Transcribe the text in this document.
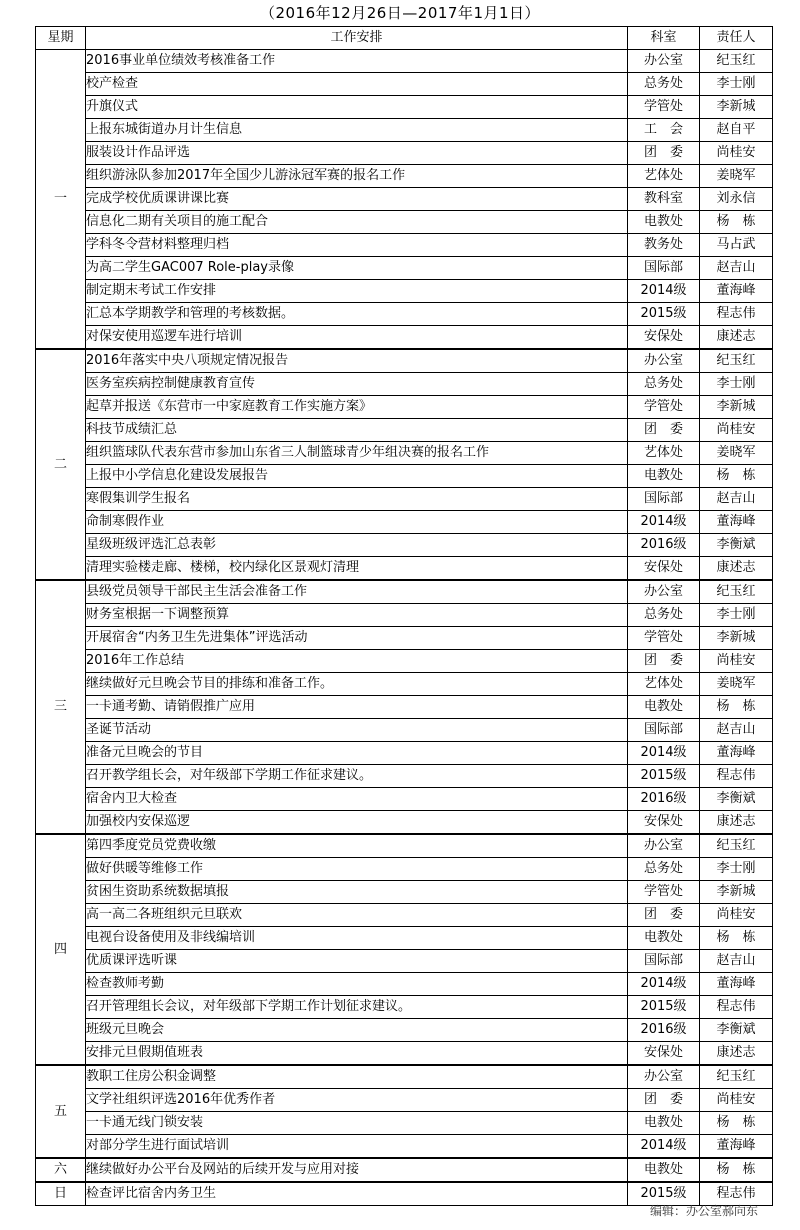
（2016年12月26日—2017年1月1日）
星期	工作安排	科室	责任人
一	2016事业单位绩效考核准备工作	办公室	纪玉红
	校产检查	总务处	李士刚
	升旗仪式	学管处	李新城
	上报东城街道办月计生信息	工　会	赵自平
	服装设计作品评选	团　委	尚桂安
	组织游泳队参加2017年全国少儿游泳冠军赛的报名工作	艺体处	姜晓军
	完成学校优质课讲课比赛	教科室	刘永信
	信息化二期有关项目的施工配合	电教处	杨　栋
	学科冬令营材料整理归档	教务处	马占武
	为高二学生GAC007 Role-play录像	国际部	赵吉山
	制定期末考试工作安排	2014级	董海峰
	汇总本学期教学和管理的考核数据。	2015级	程志伟
	对保安使用巡逻车进行培训	安保处	康述志
二	2016年落实中央八项规定情况报告	办公室	纪玉红
	医务室疾病控制健康教育宣传	总务处	李士刚
	起草并报送《东营市一中家庭教育工作实施方案》	学管处	李新城
	科技节成绩汇总	团　委	尚桂安
	组织篮球队代表东营市参加山东省三人制篮球青少年组决赛的报名工作	艺体处	姜晓军
	上报中小学信息化建设发展报告	电教处	杨　栋
	寒假集训学生报名	国际部	赵吉山
	命制寒假作业	2014级	董海峰
	星级班级评选汇总表彰	2016级	李衡斌
	清理实验楼走廊、楼梯，校内绿化区景观灯清理	安保处	康述志
三	县级党员领导干部民主生活会准备工作	办公室	纪玉红
	财务室根据一下调整预算	总务处	李士刚
	开展宿舍“内务卫生先进集体”评选活动	学管处	李新城
	2016年工作总结	团　委	尚桂安
	继续做好元旦晚会节目的排练和准备工作。	艺体处	姜晓军
	一卡通考勤、请销假推广应用	电教处	杨　栋
	圣诞节活动	国际部	赵吉山
	准备元旦晚会的节目	2014级	董海峰
	召开教学组长会，对年级部下学期工作征求建议。	2015级	程志伟
	宿舍内卫大检查	2016级	李衡斌
	加强校内安保巡逻	安保处	康述志
四	第四季度党员党费收缴	办公室	纪玉红
	做好供暖等维修工作	总务处	李士刚
	贫困生资助系统数据填报	学管处	李新城
	高一高二各班组织元旦联欢	团　委	尚桂安
	电视台设备使用及非线编培训	电教处	杨　栋
	优质课评选听课	国际部	赵吉山
	检查教师考勤	2014级	董海峰
	召开管理组长会议，对年级部下学期工作计划征求建议。	2015级	程志伟
	班级元旦晚会	2016级	李衡斌
	安排元旦假期值班表	安保处	康述志
五	教职工住房公积金调整	办公室	纪玉红
	文学社组织评选2016年优秀作者	团　委	尚桂安
	一卡通无线门锁安装	电教处	杨　栋
	对部分学生进行面试培训	2014级	董海峰
六	继续做好办公平台及网站的后续开发与应用对接	电教处	杨　栋
日	检查评比宿舍内务卫生	2015级	程志伟
编辑：办公室郝向东
